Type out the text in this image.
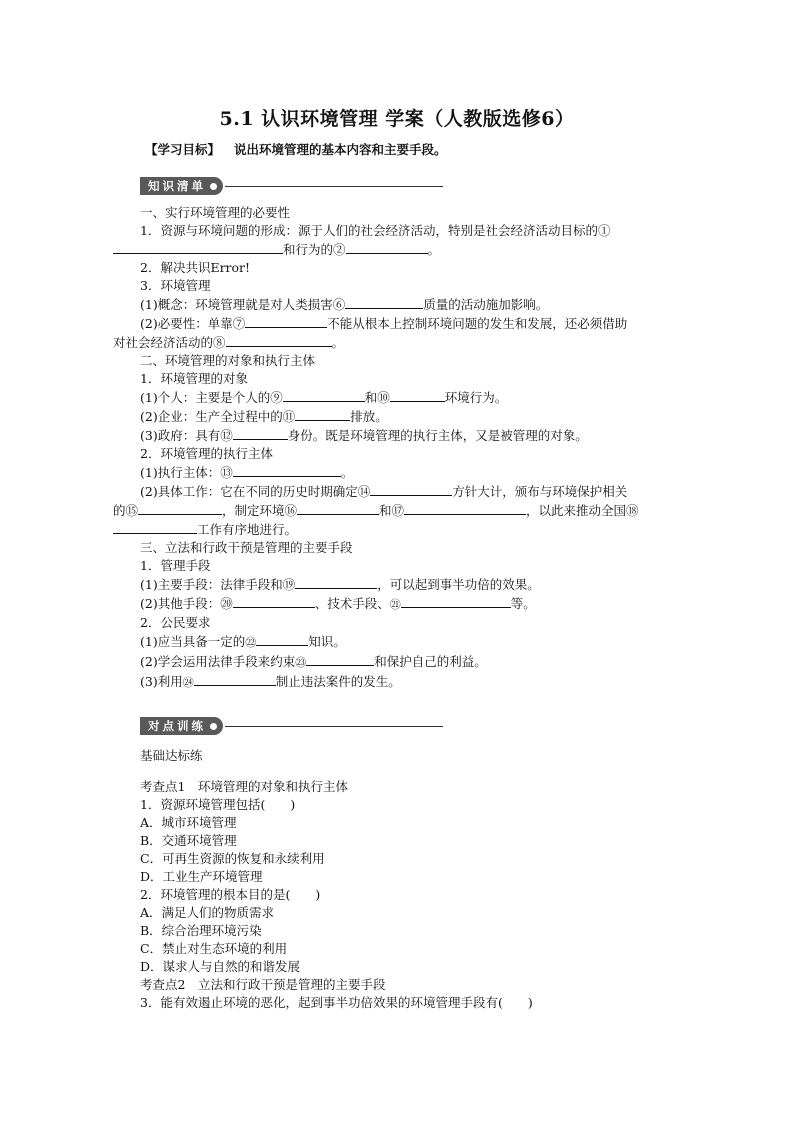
5.1 认识环境管理 学案（人教版选修6）
【学习目标】 说出环境管理的基本内容和主要手段。
知识清单

一、实行环境管理的必要性

1．资源与环境问题的形成：源于人们的社会经济活动，特别是社会经济活动目标的①

和行为的②	。

2．解决共识Error!

3．环境管理

(1)概念：环境管理就是对人类损害⑥	质量的活动施加影响。

(2)必要性：单靠⑦	不能从根本上控制环境问题的发生和发展，还必须借助

对社会经济活动的⑧	。

二、环境管理的对象和执行主体

1．环境管理的对象

(1)个人：主要是个人的⑨	和⑩	环境行为。

(2)企业：生产全过程中的⑪	排放。

(3)政府：具有⑫	身份。既是环境管理的执行主体，又是被管理的对象。

2．环境管理的执行主体

(1)执行主体：⑬	。

(2)具体工作：它在不同的历史时期确定⑭	方针大计，颁布与环境保护相关

的⑮	，制定环境⑯	和⑰	，以此来推动全国⑱

工作有序地进行。

三、立法和行政干预是管理的主要手段

1．管理手段

(1)主要手段：法律手段和⑲	，可以起到事半功倍的效果。

(2)其他手段：⑳	、技术手段、㉑	等。

2．公民要求

(1)应当具备一定的㉒	知识。

(2)学会运用法律手段来约束㉓	和保护自己的利益。

(3)利用㉔	制止违法案件的发生。

对点训练
基础达标练

考查点1　环境管理的对象和执行主体

1．资源环境管理包括(　　)

A．城市环境管理

B．交通环境管理

C．可再生资源的恢复和永续利用

D．工业生产环境管理

2．环境管理的根本目的是(　　)

A．满足人们的物质需求

B．综合治理环境污染

C．禁止对生态环境的利用

D．谋求人与自然的和谐发展

考查点2　立法和行政干预是管理的主要手段

3．能有效遏止环境的恶化，起到事半功倍效果的环境管理手段有(　　)
